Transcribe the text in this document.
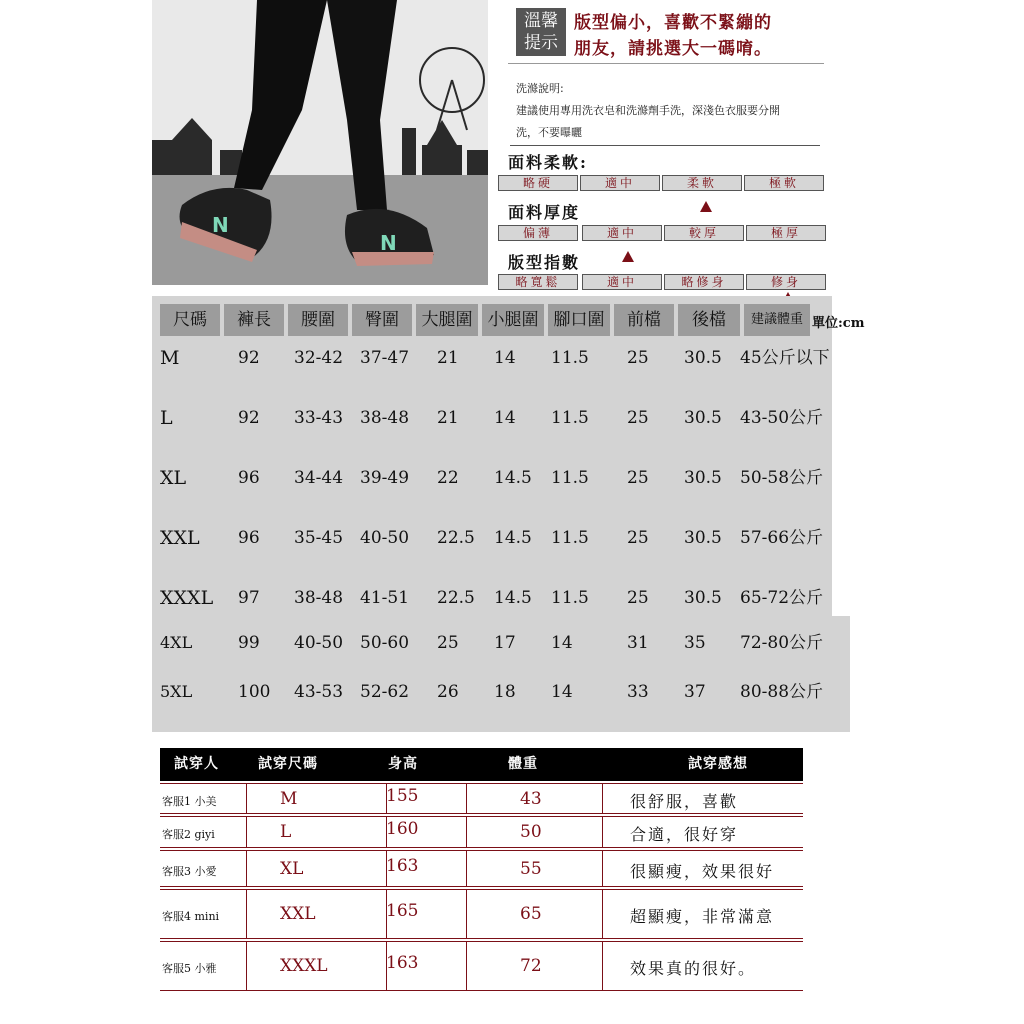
N
N
溫馨
提示
版型偏小，喜歡不緊繃的
朋友，請挑選大一碼唷。
洗滌說明:
建議使用專用洗衣皂和洗滌劑手洗，深淺色衣服要分開
洗，不要曝曬
面料柔軟:
略硬	適中	柔軟	極軟
面料厚度
偏薄	適中	較厚	極厚
版型指數
略寬鬆	適中	略修身	修身
尺碼	褲長	腰圍	臀圍	大腿圍 小腿圍 腳口圍	前檔	後檔	建議體重 單位:cm
M	92 32-42 37-47 21 14 11.5 25 30.5 45公斤以下
L	92 33-43 38-48 21 14 11.5 25 30.5 43-50公斤
XL	96 34-44 39-49 22 14.5 11.5 25 30.5 50-58公斤
XXL 96 35-45 40-50 22.5 14.5 11.5 25 30.5 57-66公斤
XXXL 97 38-48 41-51 22.5 14.5 11.5 25 30.5 65-72公斤
4XL	99 40-50 50-60 25 17 14	31 35 72-80公斤
5XL	100 43-53 52-62 26 18 14	33 37 80-88公斤
試穿人	試穿尺碼	身高	體重	試穿感想
客服1 小美	M	155	43	很舒服，喜歡
客服2 giyi	L	160	50	合適，很好穿
客服3 小愛	XL	163	55	很顯瘦，效果很好
客服4 mini	XXL	165	65	超顯瘦，非常滿意
客服5 小雅	XXXL	163	72	效果真的很好。
